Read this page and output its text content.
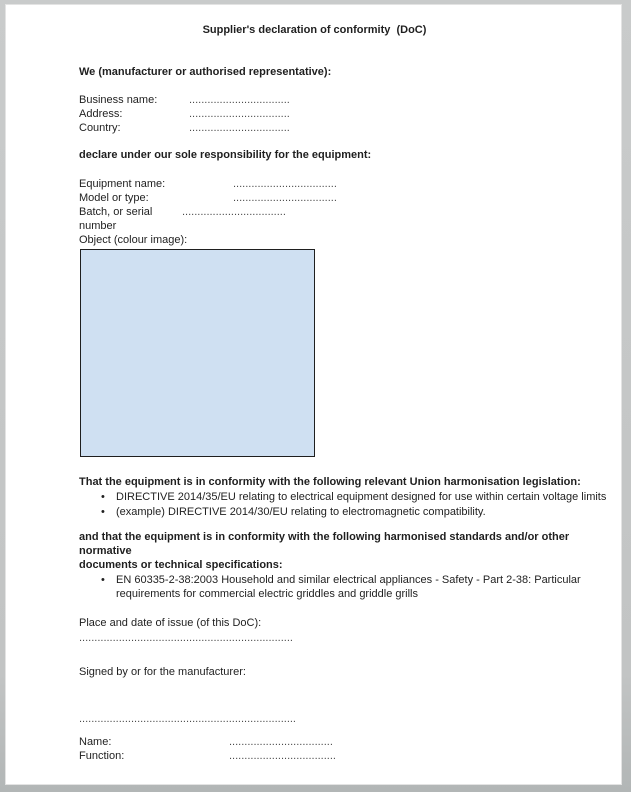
Supplier's declaration of conformity  (DoC)
We (manufacturer or authorised representative):
Business name:	.................................
Address:	.................................
Country:	.................................
declare under our sole responsibility for the equipment:
Equipment name:	..................................
Model or type:	..................................
Batch, or serial number
..................................
Object (colour image):
That the equipment is in conformity with the following relevant Union harmonisation legislation:
•	DIRECTIVE 2014/35/EU relating to electrical equipment designed for use within certain voltage limits
•	(example) DIRECTIVE 2014/30/EU relating to electromagnetic compatibility.
and that the equipment is in conformity with the following harmonised standards and/or other normative
documents or technical specifications:
•	EN 60335-2-38:2003 Household and similar electrical appliances - Safety - Part 2-38: Particular
requirements for commercial electric griddles and griddle grills
Place and date of issue (of this DoC):
......................................................................
Signed by or for the manufacturer:
.......................................................................
Name:	..................................
Function:	...................................
